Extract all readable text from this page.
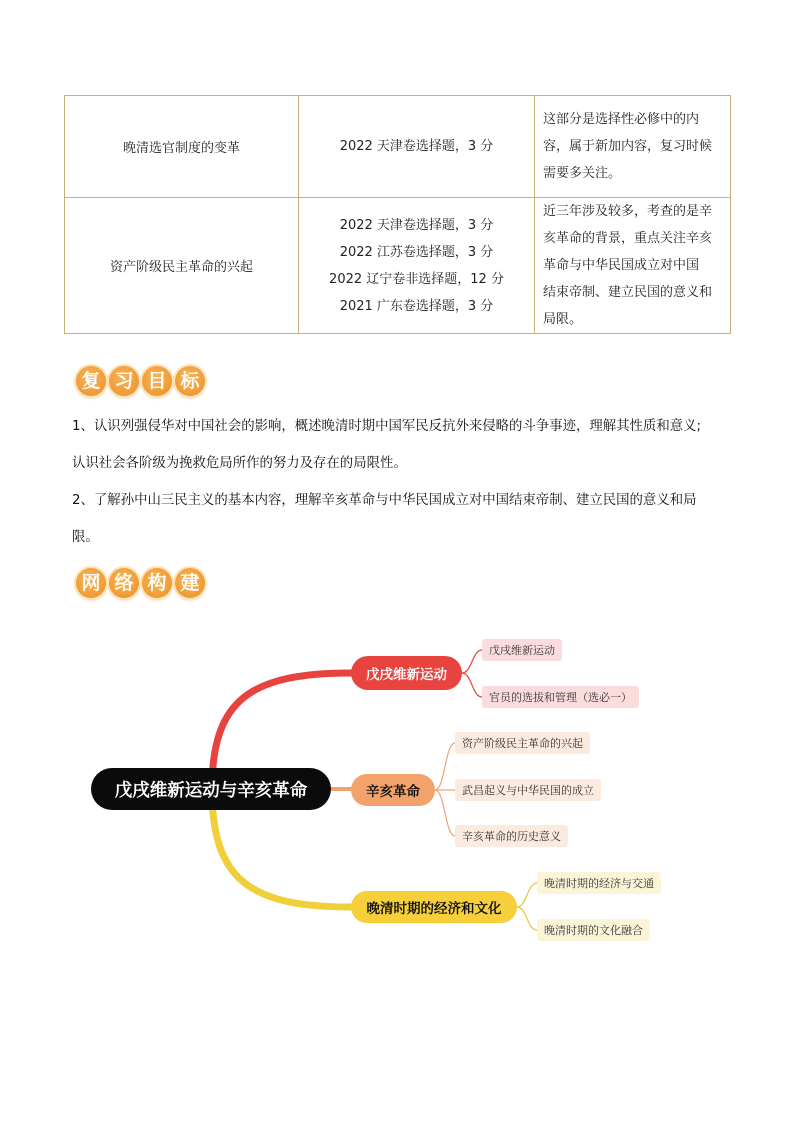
晚清选官制度的变革	2022 天津卷选择题，3 分	这部分是选择性必修中的内
容，属于新加内容，复习时候
需要多关注。

资产阶级民主革命的兴起	2022 天津卷选择题，3 分
2022 江苏卷选择题，3 分
2022 辽宁卷非选择题，12 分
2021 广东卷选择题，3 分	近三年涉及较多，考查的是辛
亥革命的背景，重点关注辛亥
革命与中华民国成立对中国
结束帝制、建立民国的意义和
局限。
复 习 目 标
1、认识列强侵华对中国社会的影响，概述晚清时期中国军民反抗外来侵略的斗争事迹，理解其性质和意义;
认识社会各阶级为挽救危局所作的努力及存在的局限性。
2、了解孙中山三民主义的基本内容，理解辛亥革命与中华民国成立对中国结束帝制、建立民国的意义和局
限。
网 络 构 建
戊戌维新运动与辛亥革命
戊戌维新运动
戊戌维新运动
官员的选拔和管理（选必一）
辛亥革命
资产阶级民主革命的兴起
武昌起义与中华民国的成立
辛亥革命的历史意义
晚清时期的经济和文化
晚清时期的经济与交通
晚清时期的文化融合
